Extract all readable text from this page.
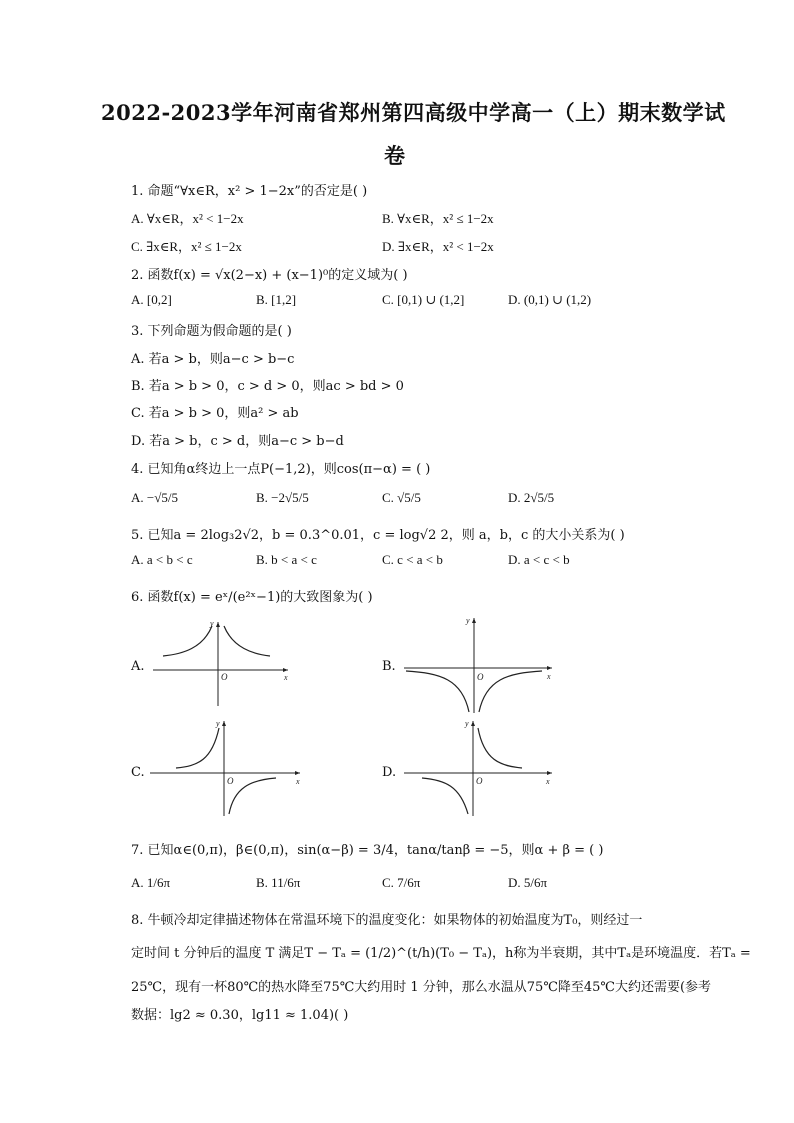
2022-2023学年河南省郑州第四高级中学高一（上）期末数学试
卷
1. 命题“∀x∈R，x² > 1−2x”的否定是( )
A. ∀x∈R，x² < 1−2x	B. ∀x∈R，x² ≤ 1−2x
C. ∃x∈R，x² ≤ 1−2x	D. ∃x∈R，x² < 1−2x
2. 函数f(x) = √x(2−x) + (x−1)⁰的定义域为( )
A. [0,2]	B. [1,2]	C. [0,1) ∪ (1,2]	D. (0,1) ∪ (1,2)
3. 下列命题为假命题的是( )
A. 若a > b，则a−c > b−c
B. 若a > b > 0，c > d > 0，则ac > bd > 0
C. 若a > b > 0，则a² > ab
D. 若a > b，c > d，则a−c > b−d
4. 已知角α终边上一点P(−1,2)，则cos(π−α) = ( )
A. −√5/5	B. −2√5/5	C. √5/5	D. 2√5/5
5. 已知a = 2log₃2√2，b = 0.3^0.01，c = log√2 2，则 a，b，c 的大小关系为( )
A. a < b < c	B. b < a < c	C. c < a < b	D. a < c < b
6. 函数f(x) = eˣ/(e²ˣ−1)的大致图象为( )
A.
y
O	x
B.
y
O	x
C.
y
O	x
D.
y
O	x
7. 已知α∈(0,π)，β∈(0,π)，sin(α−β) = 3/4，tanα/tanβ = −5，则α + β = ( )
A. 1/6π	B. 11/6π	C. 7/6π	D. 5/6π
8. 牛顿冷却定律描述物体在常温环境下的温度变化：如果物体的初始温度为T₀，则经过一
定时间 t 分钟后的温度 T 满足T − Tₐ = (1/2)^(t/h)(T₀ − Tₐ)，h称为半衰期，其中Tₐ是环境温度．若Tₐ =
25℃，现有一杯80℃的热水降至75℃大约用时 1 分钟，那么水温从75℃降至45℃大约还需要(参考
数据：lg2 ≈ 0.30，lg11 ≈ 1.04)( )
